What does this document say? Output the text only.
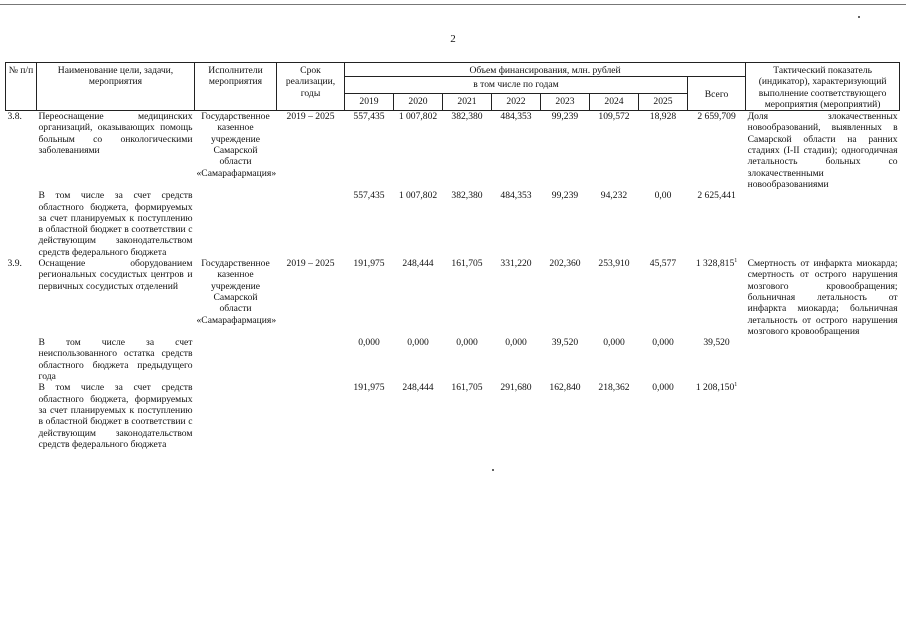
2
№ п/п	Наименование цели, задачи, мероприятия	Исполнители мероприятия	Срок реализации, годы	Объем финансирования, млн. рублей								Тактический показатель (индикатор), характеризующий выполнение соответствующего мероприятия (мероприятий)
				в том числе по годам							Всего	
				2019	2020	2021	2022	2023	2024	2025		
3.8.	Переоснащение медицинских организаций, оказывающих помощь больным со онкологическими заболеваниями	Государственное казенное учреждение Самарской области «Самарафармация»	2019 – 2025	557,435	1 007,802	382,380	484,353	99,239	109,572	18,928	2 659,709	Доля злокачественных новообразований, выявленных в Самарской области на ранних стадиях (I-II стадии); одногодичная летальность больных со злокачественными новообразованиями
	В том числе за счет средств областного бюджета, формируемых за счет планируемых к поступлению в областной бюджет в соответствии с действующим законодательством средств федерального бюджета			557,435	1 007,802	382,380	484,353	99,239	94,232	0,00	2 625,441	
3.9.	Оснащение оборудованием региональных сосудистых центров и первичных сосудистых отделений	Государственное казенное учреждение Самарской области «Самарафармация»	2019 – 2025	191,975	248,444	161,705	331,220	202,360	253,910	45,577	1 328,815$^1$	Смертность от инфаркта миокарда; смертность от острого нарушения мозгового кровообращения; больничная летальность от инфаркта миокарда; больничная летальность от острого нарушения мозгового кровообращения
	В том числе за счет неиспользованного остатка средств областного бюджета предыдущего года			0,000	0,000	0,000	0,000	39,520	0,000	0,000	39,520	
	В том числе за счет средств областного бюджета, формируемых за счет планируемых к поступлению в областной бюджет в соответствии с действующим законодательством средств федерального бюджета			191,975	248,444	161,705	291,680	162,840	218,362	0,000	1 208,150$^1$	
